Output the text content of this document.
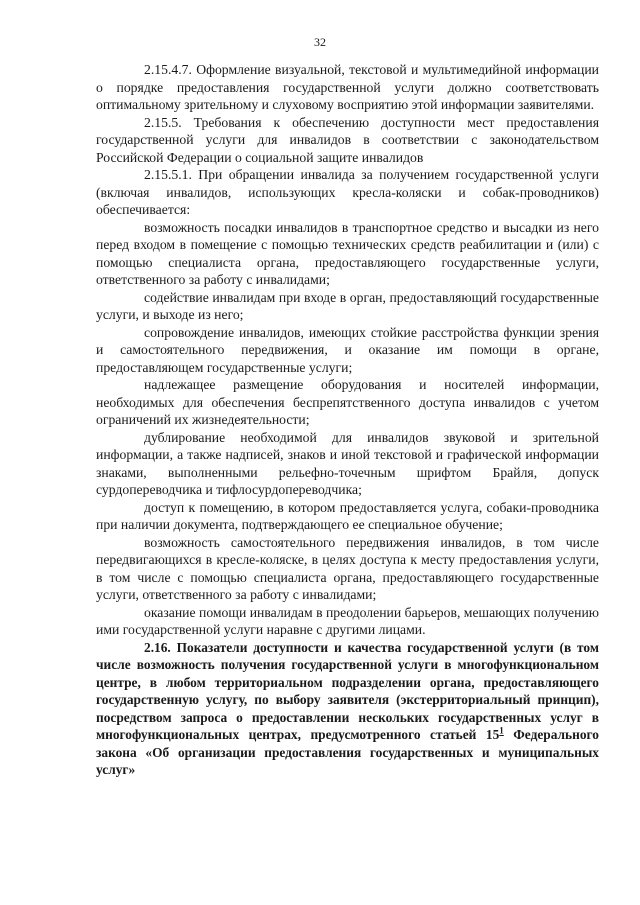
32

2.15.4.7. Оформление визуальной, текстовой и мультимедийной информации о порядке предоставления государственной услуги должно соответствовать оптимальному зрительному и слуховому восприятию этой информации заявителями.

2.15.5. Требования к обеспечению доступности мест предоставления государственной услуги для инвалидов в соответствии с законодательством Российской Федерации о социальной защите инвалидов

2.15.5.1. При обращении инвалида за получением государственной услуги (включая инвалидов, использующих кресла-коляски и собак-проводников) обеспечивается:

возможность посадки инвалидов в транспортное средство и высадки из него перед входом в помещение с помощью технических средств реабилитации и (или) с помощью специалиста органа, предоставляющего государственные услуги, ответственного за работу с инвалидами;

содействие инвалидам при входе в орган, предоставляющий государственные услуги, и выходе из него;

сопровождение инвалидов, имеющих стойкие расстройства функции зрения и самостоятельного передвижения, и оказание им помощи в органе, предоставляющем государственные услуги;

надлежащее размещение оборудования и носителей информации, необходимых для обеспечения беспрепятственного доступа инвалидов с учетом ограничений их жизнедеятельности;

дублирование необходимой для инвалидов звуковой и зрительной информации, а также надписей, знаков и иной текстовой и графической информации знаками, выполненными рельефно-точечным шрифтом Брайля, допуск сурдопереводчика и тифлосурдопереводчика;

доступ к помещению, в котором предоставляется услуга, собаки-проводника при наличии документа, подтверждающего ее специальное обучение;

возможность самостоятельного передвижения инвалидов, в том числе передвигающихся в кресле-коляске, в целях доступа к месту предоставления услуги, в том числе с помощью специалиста органа, предоставляющего государственные услуги, ответственного за работу с инвалидами;

оказание помощи инвалидам в преодолении барьеров, мешающих получению ими государственной услуги наравне с другими лицами.

2.16. Показатели доступности и качества государственной услуги (в том числе возможность получения государственной услуги в многофункциональном центре, в любом территориальном подразделении органа, предоставляющего государственную услугу, по выбору заявителя (экстерриториальный принцип), посредством запроса о предоставлении нескольких государственных услуг в многофункциональных центрах, предусмотренного статьей 15$^1$ Федерального закона «Об организации предоставления государственных и муниципальных услуг»
